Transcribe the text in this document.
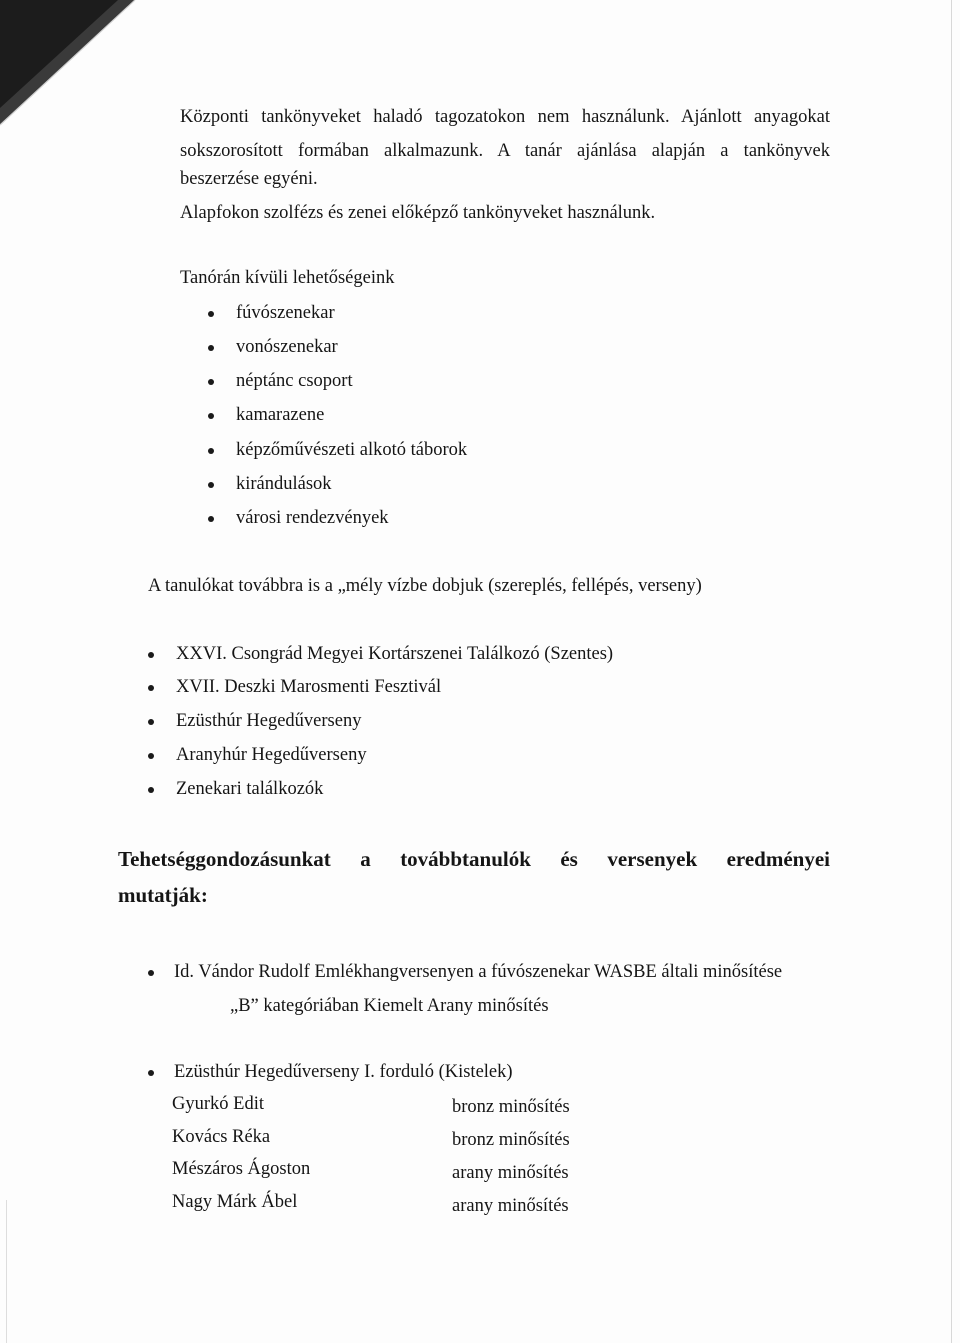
Központi tankönyveket haladó tagozatokon nem használunk. Ajánlott anyagokat
sokszorosított formában alkalmazunk. A tanár ajánlása alapján a tankönyvek
beszerzése egyéni.
Alapfokon szolfézs és zenei előképző tankönyveket használunk.
Tanórán kívüli lehetőségeink
fúvószenekar
vonószenekar
néptánc csoport
kamarazene
képzőművészeti alkotó táborok
kirándulások
városi rendezvények
A tanulókat továbbra is a „mély vízbe dobjuk (szereplés, fellépés, verseny)
XXVI. Csongrád Megyei Kortárszenei Találkozó (Szentes)
XVII. Deszki Marosmenti Fesztivál
Ezüsthúr Hegedűverseny
Aranyhúr Hegedűverseny
Zenekari találkozók
Tehetséggondozásunkat a továbbtanulók és versenyek eredményei
mutatják:
Id. Vándor Rudolf Emlékhangversenyen a fúvószenekar WASBE általi minősítése
„B” kategóriában Kiemelt Arany minősítés
Ezüsthúr Hegedűverseny I. forduló (Kistelek)
Gyurkó Edit	bronz minősítés
Kovács Réka	bronz minősítés
Mészáros Ágoston	arany minősítés
Nagy Márk Ábel	arany minősítés
